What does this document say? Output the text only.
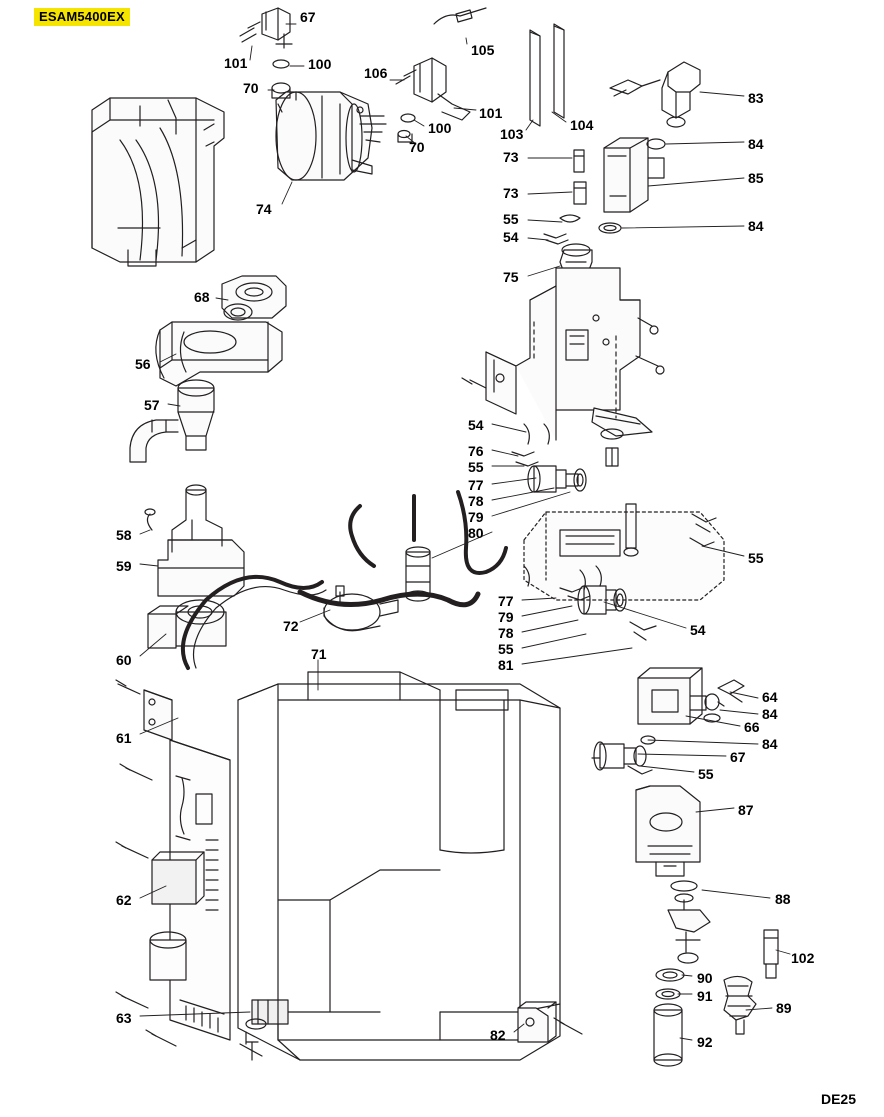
ESAM5400EX	67
105
101	100
70
106
83
101
103
104
100
70	84
73
85
73
74
55	84
54
75
68
56
57
54
76
55
77
78
79
80
55
58
59
77
79
54
78
72
60
55
81
71
64
84
66
61	84
67
55
87
62	88
102
90
63
91
89
82	92
DE25
